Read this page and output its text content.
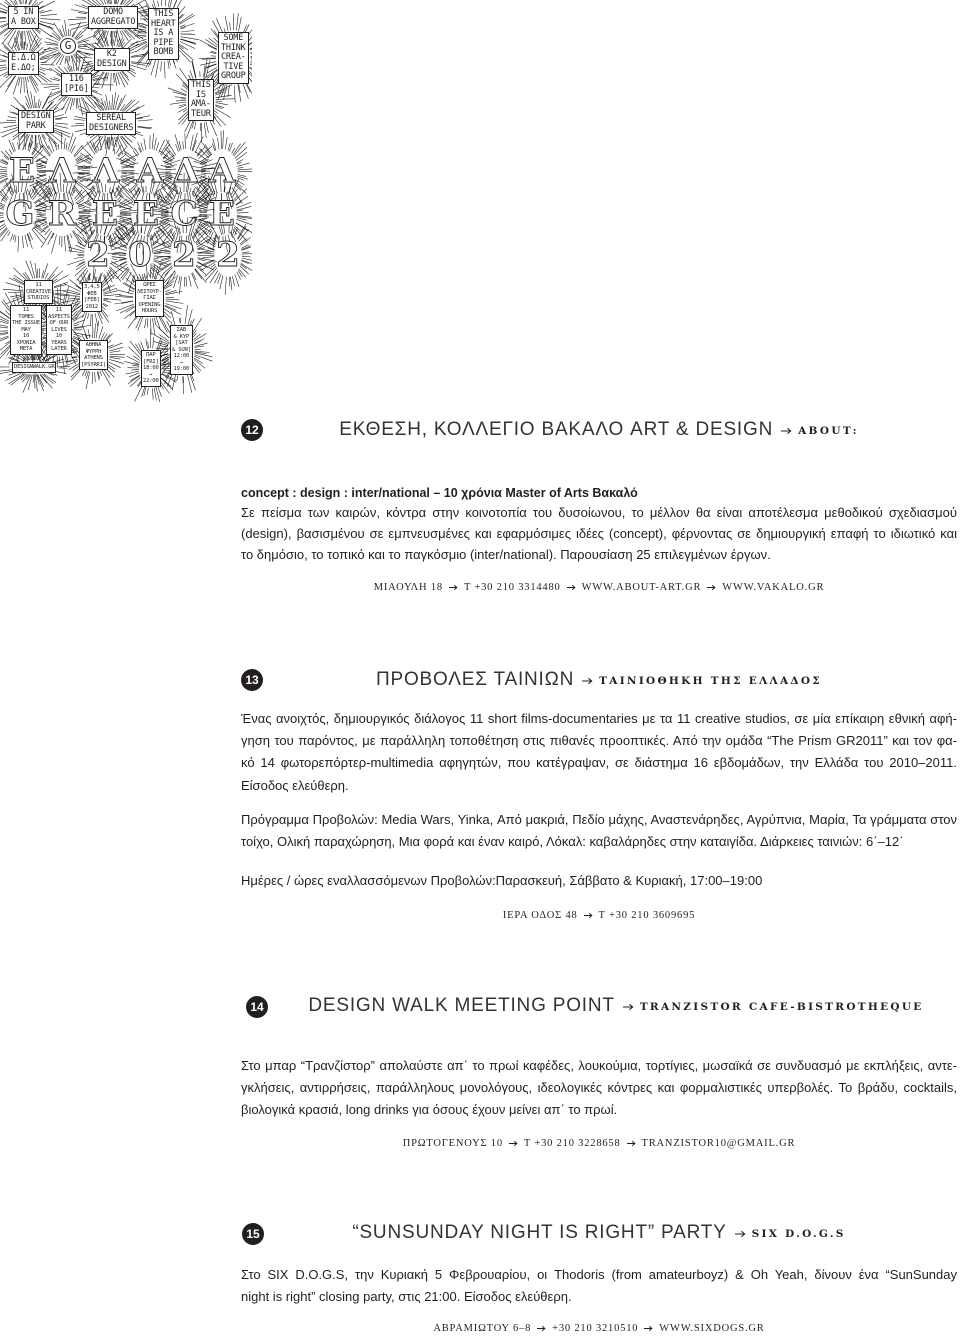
Ε Λ Λ Α Δ Α
G R E E C E
2 0 2 2
5 IN
A BOX
Ε.Δ.Ω
Ε.ΔΟ;
G
116
[PI6]
DESIGN
PARK
DOMO
AGGREGATO
K2
DESIGN
SEREAL
DESIGNERS
THIS
HEART
IS A
PIPE
BOMB
THIS
IS
AMA-
TEUR
SOME
THINK
CREA-
TIVE
GROUP
11
CREATIVE
STUDIOS
11
TOMES
THE ISSUE
MAY
10
ΧΡΟΝΙΑ
ΜΕΤΑ
11
ASPECTS
OF OUR
LIVES
10
YEARS
LATER
DESIGNWALK.GR
3,4,5
ΦΕΒ
[FEB]
2012
ΑΘΗΝΑ
ΨΥΡΡΗ
ATHENS
[PSYRRI]
ΩΡΕΣ
ΛΕΙΤΟΥΡ-
ΓΙΑΣ
OPENING
HOURS
ΣΑΒ
& ΚΥΡ
[SAT
& SUN]
12:00
→
19:00
ΠΑΡ
[FRI]
18:00
→
22:00
12	ΕΚΘΕΣΗ, ΚΟΛΛΕΓΙΟ ΒΑΚΑΛΟ ART & DESIGN ABOUT:
concept : design : inter/national – 10 χρόνια Master of Arts Βακαλό
Σε πείσμα των καιρών, κόντρα στην κοινοτοπία του δυσοίωνου, το μέλλον θα είναι αποτέλεσμα μεθοδικού σχεδιασμού
(design), βασισμένου σε εμπνευσμένες και εφαρμόσιμες ιδέες (concept), φέρνοντας σε δημιουργική επαφή το ιδιωτικό και
το δημόσιο, το τοπικό και το παγκόσμιο (inter/national). Παρουσίαση 25 επιλεγμένων έργων.
ΜΙΑΟΥΛΗ 18 T +30 210 3314480 WWW.ABOUT-ART.GR WWW.VAKALO.GR
13	ΠΡΟΒΟΛΕΣ ΤΑΙΝΙΩΝ ΤΑΙΝΙΟΘΗΚΗ ΤΗΣ ΕΛΛΑΔΟΣ
Ένας ανοιχτός, δημιουργικός διάλογος 11 short films-documentaries με τα 11 creative studios, σε μία επίκαιρη εθνική αφή-
γηση του παρόντος, με παράλληλη τοποθέτηση στις πιθανές προοπτικές. Από την ομάδα “The Prism GR2011” και τον φα-
κό 14 φωτορεπόρτερ-multimedia αφηγητών, που κατέγραψαν, σε διάστημα 16 εβδομάδων, την Ελλάδα του 2010–2011.
Είσοδος ελεύθερη.
Πρόγραμμα Προβολών: Media Wars, Yinka, Από μακριά, Πεδίο μάχης, Αναστενάρηδες, Αγρύπνια, Μαρία, Τα γράμματα στον
τοίχο, Ολική παραχώρηση, Μια φορά και έναν καιρό, Λόκαλ: καβαλάρηδες στην καταιγίδα. Διάρκειες ταινιών: 6΄–12΄
Ημέρες / ώρες εναλλασσόμενων Προβολών:Παρασκευή, Σάββατο & Κυριακή, 17:00–19:00
ΙΕΡΑ ΟΔΟΣ 48 T +30 210 3609695
14	DESIGN WALK MEETING POINT TRANZISTOR CAFE-BISTROTHEQUE
Στο μπαρ “Τρανζίστορ” απολαύστε απ΄ το πρωί καφέδες, λουκούμια, τορτίγιες, μωσαϊκά σε συνδυασμό με εκπλήξεις, αντε-
γκλήσεις, αντιρρήσεις, παράλληλους μονολόγους, ιδεολογικές κόντρες και φορμαλιστικές υπερβολές. Το βράδυ, cocktails,
βιολογικά κρασιά, long drinks για όσους έχουν μείνει απ΄ το πρωί.
ΠΡΩΤΟΓΕΝΟΥΣ 10 T +30 210 3228658 TRANZISTOR10@GMAIL.GR
15	“SUNSUNDAY NIGHT IS RIGHT” PARTY SIX D.O.G.S
Στο SIX D.O.G.S, την Κυριακή 5 Φεβρουαρίου, οι Thodoris (from amateurboyz) & Oh Yeah, δίνουν ένα “SunSunday
night is right” closing party, στις 21:00. Είσοδος ελεύθερη.
ΑΒΡΑΜΙΩΤΟΥ 6–8 +30 210 3210510 WWW.SIXDOGS.GR
